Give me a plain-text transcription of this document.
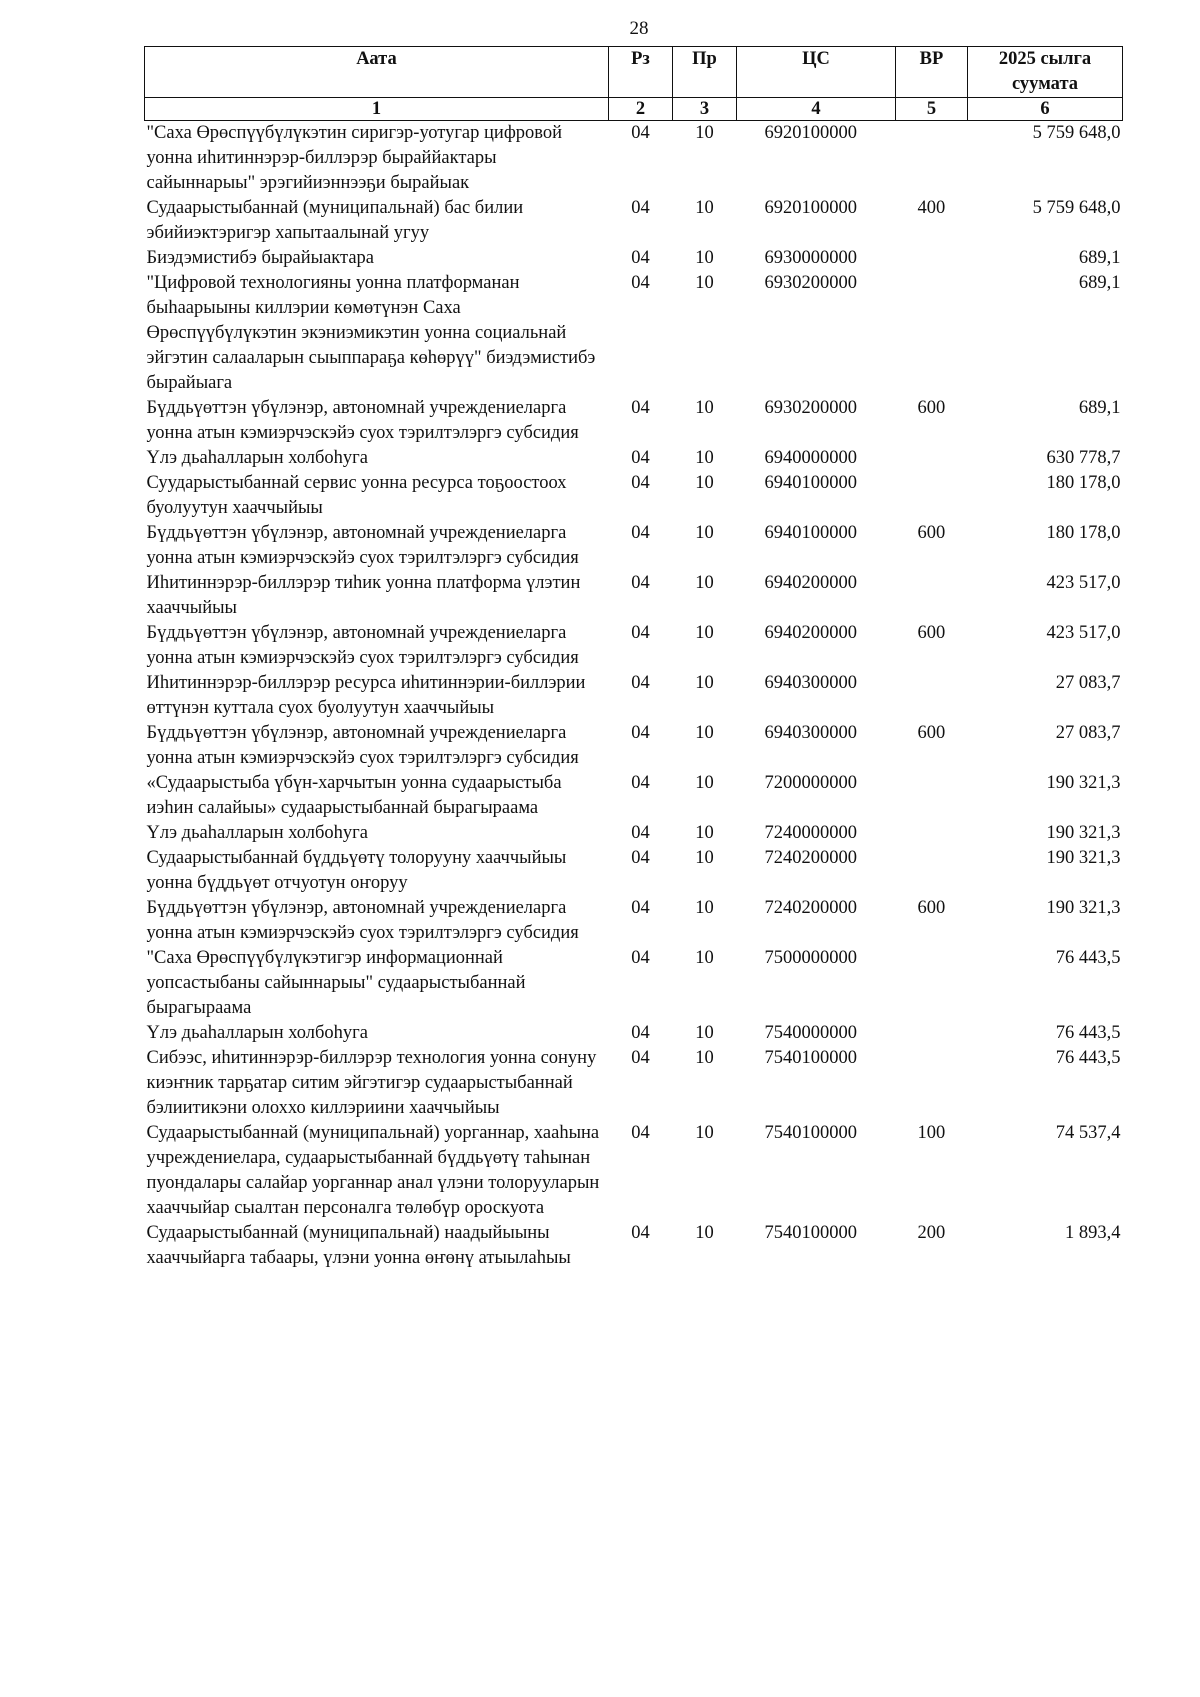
28
Аата	Рз	Пр	ЦС	ВР	2025 сылга суумата
1	2	3	4	5	6
"Саха Өрөспүүбүлүкэтин сиригэр-уотугар цифровой уонна иһитиннэрэр-биллэрэр быраййактары сайыннарыы" эрэгийиэннээҕи бырайыак	04	10	6920100000		5 759 648,0
Судаарыстыбаннай (муниципальнай) бас билии эбийиэктэригэр хапытаалынай угуу	04	10	6920100000	400	5 759 648,0
Биэдэмистибэ бырайыактара	04	10	6930000000		689,1
"Цифровой технологияны уонна платформанан быһаарыыны киллэрии көмөтүнэн Саха Өрөспүүбүлүкэтин экэниэмикэтин уонна социальнай эйгэтин салааларын сыыппараҕа көһөрүү" биэдэмистибэ бырайыага	04	10	6930200000		689,1
Бүддьүөттэн үбүлэнэр, автономнай учреждениеларга уонна атын кэмиэрчэскэйэ суох тэрилтэлэргэ субсидия	04	10	6930200000	600	689,1
Үлэ дьаһалларын холбоһуга	04	10	6940000000		630 778,7
Суударыстыбаннай сервис уонна ресурса тоҕоостоох буолуутун хааччыйыы	04	10	6940100000		180 178,0
Бүддьүөттэн үбүлэнэр, автономнай учреждениеларга уонна атын кэмиэрчэскэйэ суох тэрилтэлэргэ субсидия	04	10	6940100000	600	180 178,0
Иһитиннэрэр-биллэрэр тиһик уонна платформа үлэтин хааччыйыы	04	10	6940200000		423 517,0
Бүддьүөттэн үбүлэнэр, автономнай учреждениеларга уонна атын кэмиэрчэскэйэ суох тэрилтэлэргэ субсидия	04	10	6940200000	600	423 517,0
Иһитиннэрэр-биллэрэр ресурса иһитиннэрии-биллэрии өттүнэн куттала суох буолуутун хааччыйыы	04	10	6940300000		27 083,7
Бүддьүөттэн үбүлэнэр, автономнай учреждениеларга уонна атын кэмиэрчэскэйэ суох тэрилтэлэргэ субсидия	04	10	6940300000	600	27 083,7
«Судаарыстыба үбүн-харчытын уонна судаарыстыба иэһин салайыы» судаарыстыбаннай бырагыраама	04	10	7200000000		190 321,3
Үлэ дьаһалларын холбоһуга	04	10	7240000000		190 321,3
Судаарыстыбаннай бүддьүөтү толорууну хааччыйыы уонна бүддьүөт отчуотун оҥоруу	04	10	7240200000		190 321,3
Бүддьүөттэн үбүлэнэр, автономнай учреждениеларга уонна атын кэмиэрчэскэйэ суох тэрилтэлэргэ субсидия	04	10	7240200000	600	190 321,3
"Саха Өрөспүүбүлүкэтигэр информационнай уопсастыбаны сайыннарыы" судаарыстыбаннай бырагыраама	04	10	7500000000		76 443,5
Үлэ дьаһалларын холбоһуга	04	10	7540000000		76 443,5
Сибээс, иһитиннэрэр-биллэрэр технология уонна сонуну киэҥник тарҕатар ситим эйгэтигэр судаарыстыбаннай бэлиитикэни олоххо киллэриини хааччыйыы	04	10	7540100000		76 443,5
Судаарыстыбаннай (муниципальнай) уорганнар, хааһына учреждениелара, судаарыстыбаннай бүддьүөтү таһынан пуондалары салайар уорганнар анал үлэни толорууларын хааччыйар сыалтан персоналга төлөбүр ороскуота	04	10	7540100000	100	74 537,4
Судаарыстыбаннай (муниципальнай) наадыйыыны хааччыйарга табаары, үлэни уонна өҥөнү атыылаһыы	04	10	7540100000	200	1 893,4
